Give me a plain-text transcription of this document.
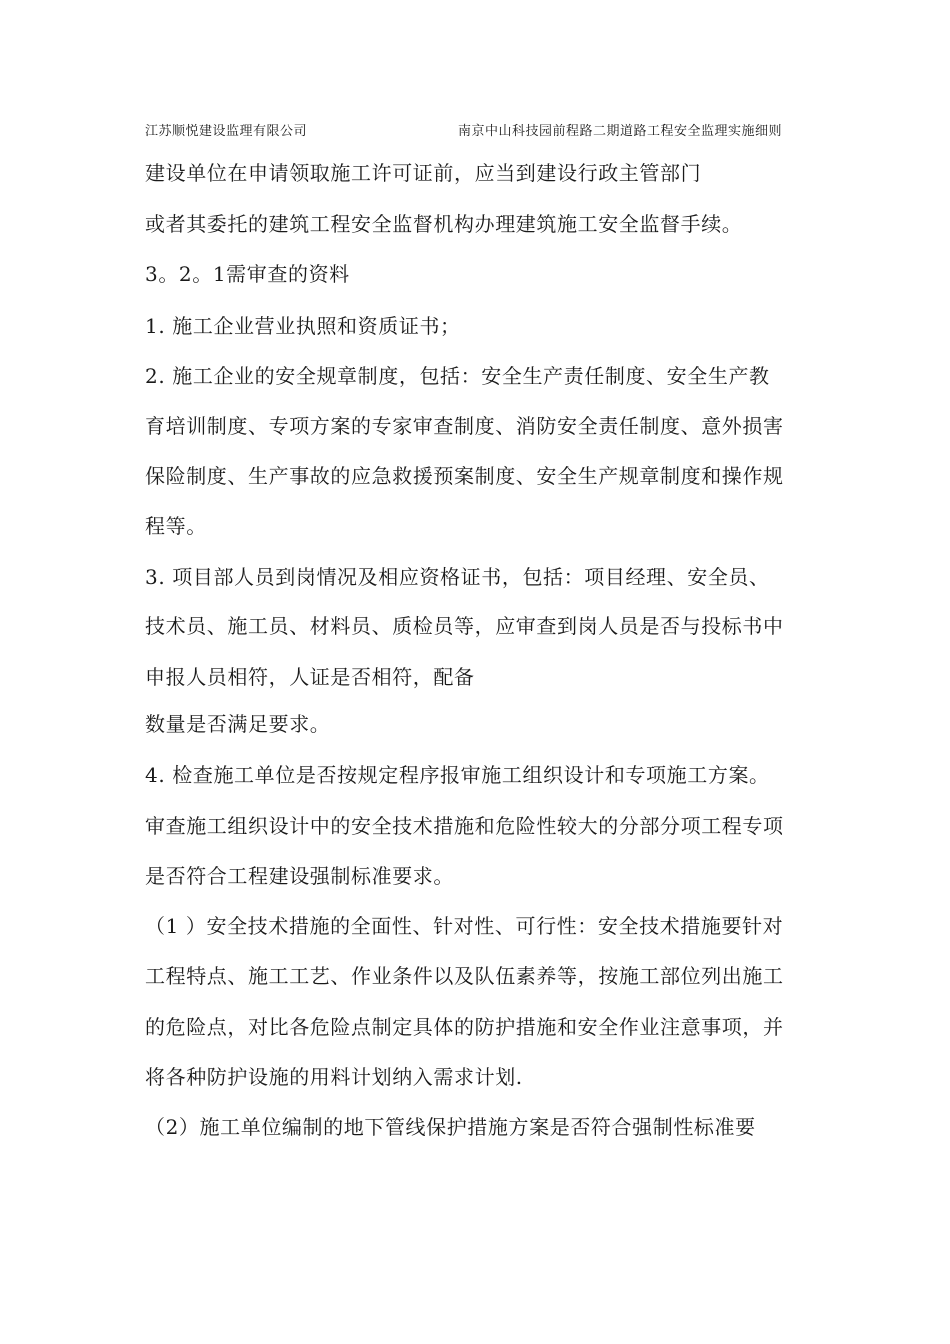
江苏顺悦建设监理有限公司	南京中山科技园前程路二期道路工程安全监理实施细则
建设单位在申请领取施工许可证前，应当到建设行政主管部门
或者其委托的建筑工程安全监督机构办理建筑施工安全监督手续。
3。2。1需审查的资料
1. 施工企业营业执照和资质证书；
2. 施工企业的安全规章制度，包括：安全生产责任制度、安全生产教
育培训制度、专项方案的专家审查制度、消防安全责任制度、意外损害
保险制度、生产事故的应急救援预案制度、安全生产规章制度和操作规
程等。
3. 项目部人员到岗情况及相应资格证书，包括：项目经理、安全员、
技术员、施工员、材料员、质检员等，应审查到岗人员是否与投标书中
申报人员相符，人证是否相符，配备
数量是否满足要求。
4. 检查施工单位是否按规定程序报审施工组织设计和专项施工方案。
审查施工组织设计中的安全技术措施和危险性较大的分部分项工程专项
是否符合工程建设强制标准要求。
（1 ）安全技术措施的全面性、针对性、可行性：安全技术措施要针对
工程特点、施工工艺、作业条件以及队伍素养等，按施工部位列出施工
的危险点，对比各危险点制定具体的防护措施和安全作业注意事项，并
将各种防护设施的用料计划纳入需求计划.
（2）施工单位编制的地下管线保护措施方案是否符合强制性标准要
